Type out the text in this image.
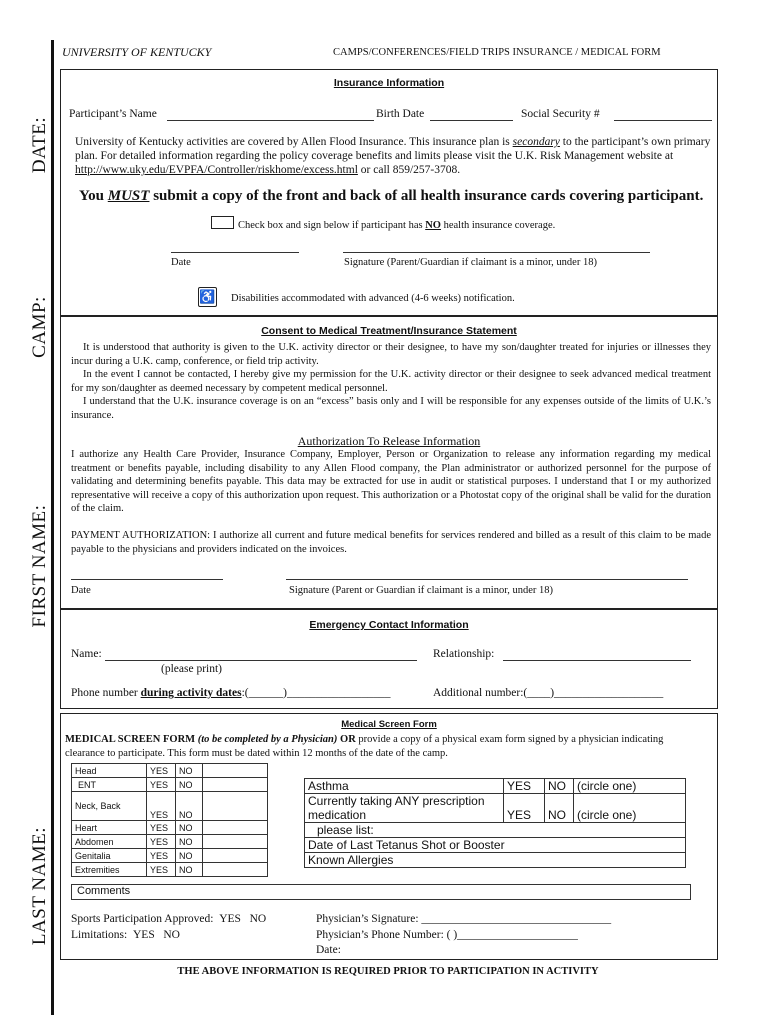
DATE:
CAMP:
FIRST NAME:
LAST NAME:
UNIVERSITY OF KENTUCKY	CAMPS/CONFERENCES/FIELD TRIPS INSURANCE / MEDICAL FORM
Insurance Information
Participant’s Name	Birth Date	Social Security #
University of Kentucky activities are covered by Allen Flood Insurance. This insurance plan is secondary to the participant’s own primary plan. For detailed information regarding the policy coverage benefits and limits please visit the U.K. Risk Management website at http://www.uky.edu/EVPFA/Controller/riskhome/excess.html or call 859/257-3708.
You MUST submit a copy of the front and back of all health insurance cards covering participant.
Check box and sign below if participant has NO health insurance coverage.
Date	Signature (Parent/Guardian if claimant is a minor, under 18)
♿ Disabilities accommodated with advanced (4-6 weeks) notification.
Consent to Medical Treatment/Insurance Statement

It is understood that authority is given to the U.K. activity director or their designee, to have my son/daughter treated for injuries or illnesses they incur during a U.K. camp, conference, or field trip activity.

In the event I cannot be contacted, I hereby give my permission for the U.K. activity director or their designee to seek advanced medical treatment for my son/daughter as deemed necessary by competent medical personnel.

I understand that the U.K. insurance coverage is on an “excess” basis only and I will be responsible for any expenses outside of the limits of U.K.’s insurance.

Authorization To Release Information
I authorize any Health Care Provider, Insurance Company, Employer, Person or Organization to release any information regarding my medical treatment or benefits payable, including disability to any Allen Flood company, the Plan administrator or authorized personnel for the purpose of validating and determining benefits payable. This data may be extracted for use in audit or statistical purposes. I understand that I or my authorized representative will receive a copy of this authorization upon request. This authorization or a Photostat copy of the original shall be valid for the duration of the claim.
PAYMENT AUTHORIZATION: I authorize all current and future medical benefits for services rendered and billed as a result of this claim to be made payable to the physicians and providers indicated on the invoices.
Date	Signature (Parent or Guardian if claimant is a minor, under 18)
Emergency Contact Information
Name:	Relationship:
(please print)
Phone number during activity dates:(______)__________________	Additional number:(____)___________________
Medical Screen Form
MEDICAL SCREEN FORM (to be completed by a Physician) OR provide a copy of a physical exam form signed by a physician indicating clearance to participate. This form must be dated within 12 months of the date of the camp.
Head	YES	NO	
ENT	YES	NO	
Neck, Back	YES	NO	
Heart	YES	NO	
Abdomen	YES	NO	
Genitalia	YES	NO	
Extremities	YES	NO	
Asthma	YES	NO	(circle one)
Currently taking ANY prescription medication	YES	NO	(circle one)
please list:			
Date of Last Tetanus Shot or Booster			
Known Allergies			
Comments
Sports Participation Approved: YES NO
Limitations: YES NO
Physician’s Signature: _________________________________
Physician’s Phone Number: ( )_____________________
Date:
THE ABOVE INFORMATION IS REQUIRED PRIOR TO PARTICIPATION IN ACTIVITY
